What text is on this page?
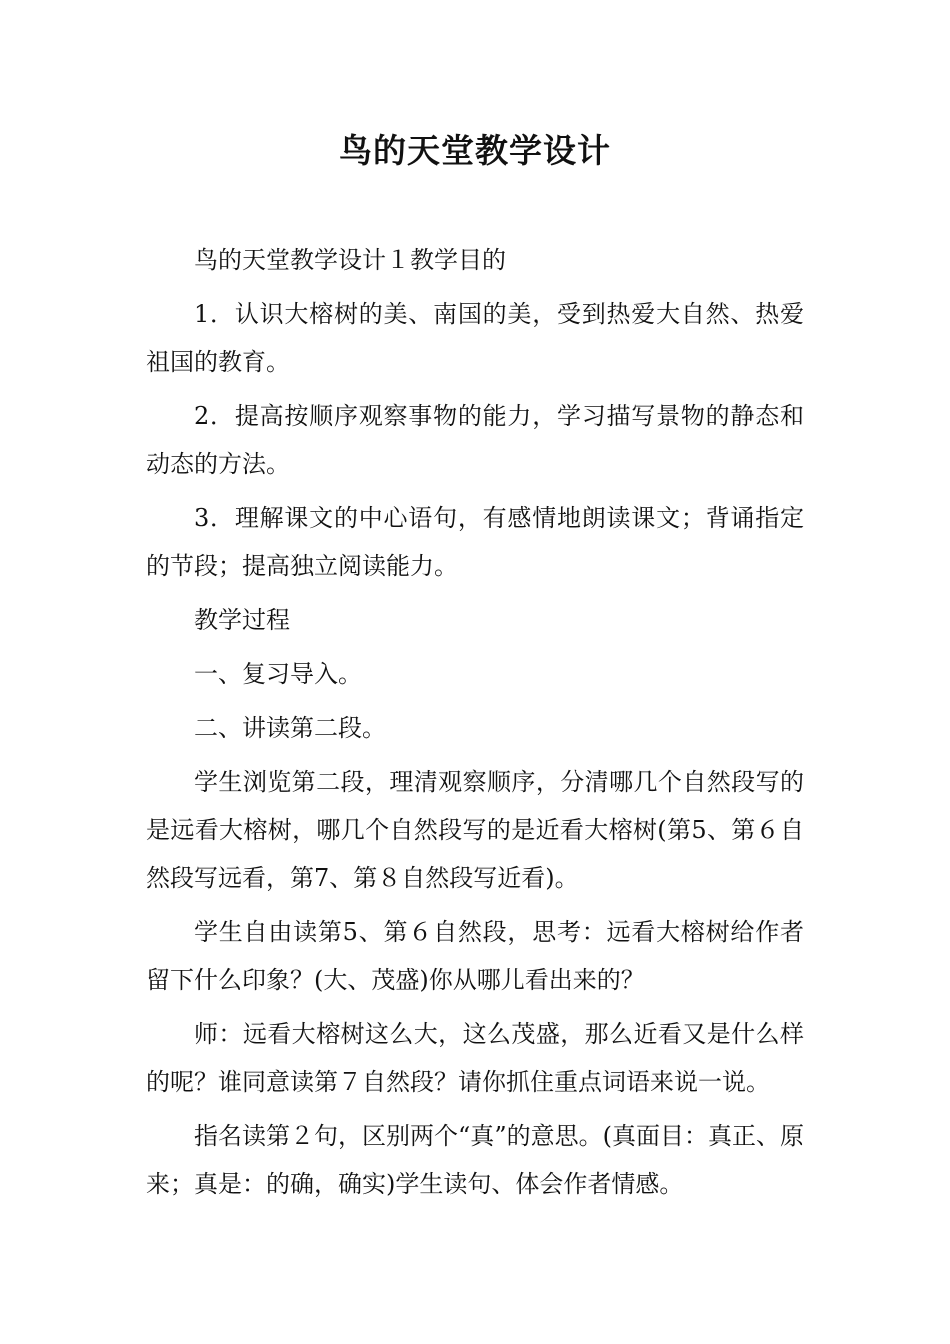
鸟的天堂教学设计

鸟的天堂教学设计１教学目的

1．认识大榕树的美、南国的美，受到热爱大自然、热爱祖国的教育。

2．提高按顺序观察事物的能力，学习描写景物的静态和动态的方法。

3．理解课文的中心语句，有感情地朗读课文；背诵指定的节段；提高独立阅读能力。

教学过程

一、复习导入。

二、讲读第二段。

学生浏览第二段，理清观察顺序，分清哪几个自然段写的是远看大榕树，哪几个自然段写的是近看大榕树(第5、第６自然段写远看，第7、第８自然段写近看)。

学生自由读第5、第６自然段，思考：远看大榕树给作者留下什么印象？(大、茂盛)你从哪儿看出来的？

师：远看大榕树这么大，这么茂盛，那么近看又是什么样的呢？谁同意读第７自然段？请你抓住重点词语来说一说。

指名读第２句，区别两个“真”的意思。(真面目：真正、原来；真是：的确，确实)学生读句、体会作者情感。
